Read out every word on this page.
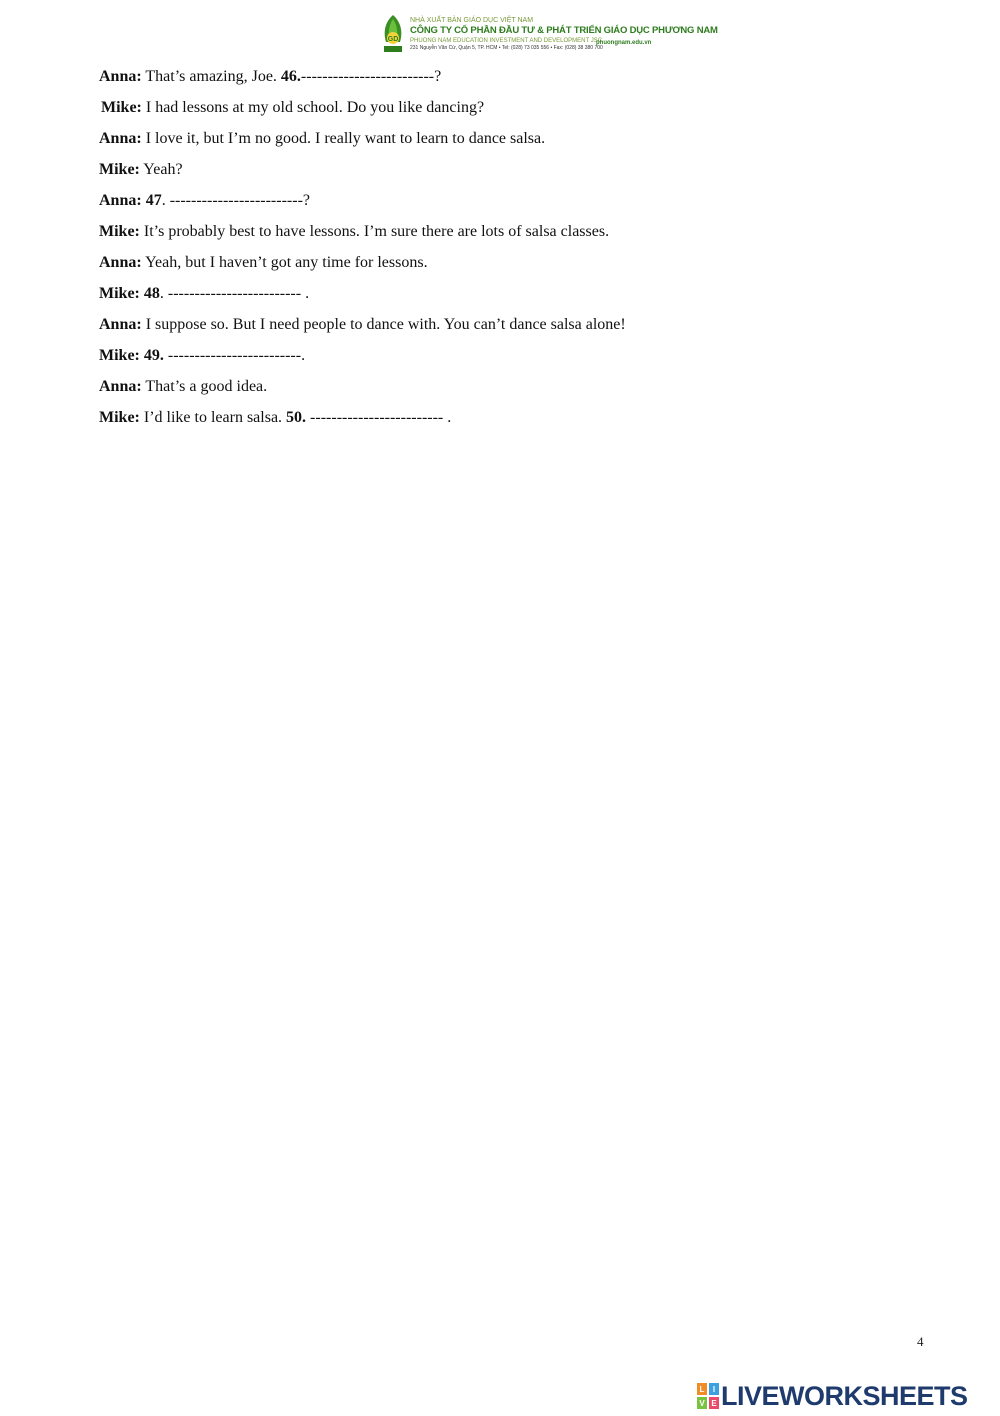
GD
NHÀ XUẤT BẢN GIÁO DỤC VIỆT NAM
CÔNG TY CỔ PHẦN ĐẦU TƯ & PHÁT TRIỂN GIÁO DỤC PHƯƠNG NAM
PHUONG NAM EDUCATION INVESTMENT AND DEVELOPMENT JSC
231 Nguyễn Văn Cừ, Quận 5, TP. HCM • Tel: (028) 73 035 556 • Fax: (028) 38 380 700
phuongnam.edu.vn
Anna: That’s amazing, Joe. 46.-------------------------?
Mike: I had lessons at my old school. Do you like dancing?
Anna: I love it, but I’m no good. I really want to learn to dance salsa.
Mike: Yeah?
Anna: 47. -------------------------?
Mike: It’s probably best to have lessons. I’m sure there are lots of salsa classes.
Anna: Yeah, but I haven’t got any time for lessons.
Mike: 48. ------------------------- .
Anna: I suppose so. But I need people to dance with. You can’t dance salsa alone!
Mike: 49. -------------------------.
Anna: That’s a good idea.
Mike: I’d like to learn salsa. 50. ------------------------- .
4
L I
V E LIVEWORKSHEETS
